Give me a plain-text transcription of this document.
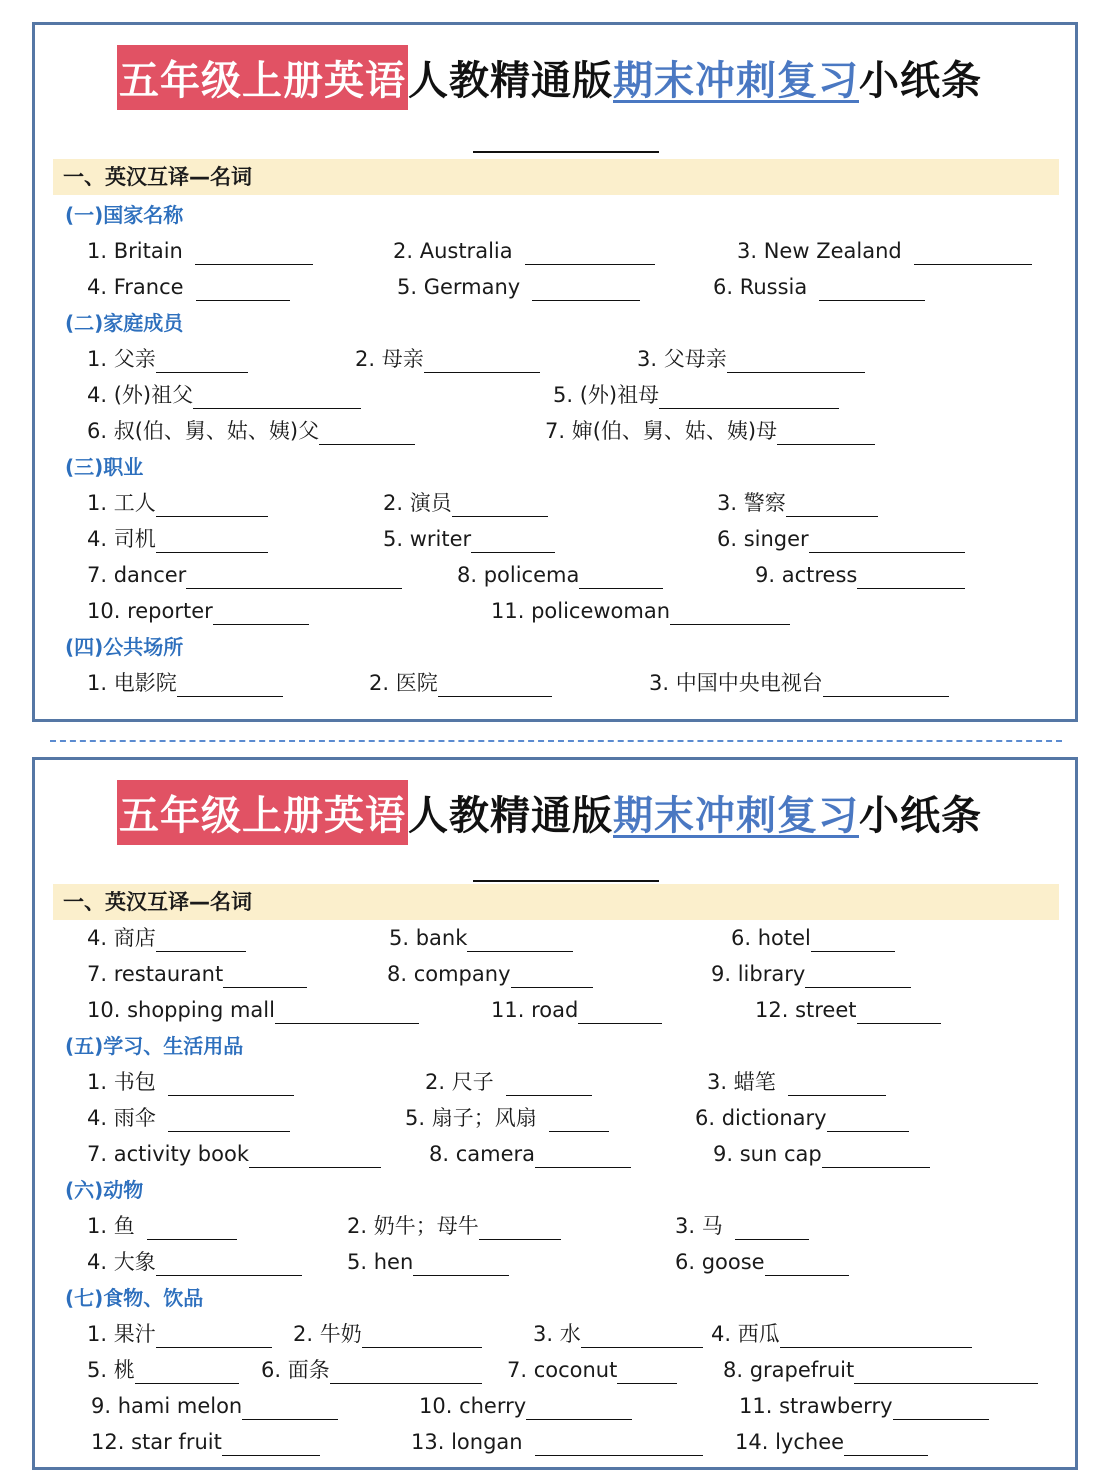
五年级上册英语 人教精通版 期末冲刺复习 小纸条
一、英汉互译—名词
(一)国家名称
1. Britain	2. Australia	3. New Zealand
4. France	5. Germany	6. Russia
(二)家庭成员
1. 父亲	2. 母亲	3. 父母亲
4. (外)祖父	5. (外)祖母
6. 叔(伯、舅、姑、姨)父	7. 婶(伯、舅、姑、姨)母
(三)职业
1. 工人	2. 演员	3. 警察
4. 司机	5. writer	6. singer
7. dancer	8. policema	9. actress
10. reporter	11. policewoman
(四)公共场所
1. 电影院	2. 医院	3. 中国中央电视台
五年级上册英语 人教精通版 期末冲刺复习 小纸条
一、英汉互译—名词
4. 商店	5. bank	6. hotel
7. restaurant	8. company	9. library
10. shopping mall	11. road	12. street
(五)学习、生活用品
1. 书包	2. 尺子	3. 蜡笔
4. 雨伞	5. 扇子；风扇	6. dictionary
7. activity book	8. camera	9. sun cap
(六)动物
1. 鱼	2. 奶牛；母牛	3. 马
4. 大象	5. hen	6. goose
(七)食物、饮品
1. 果汁	2. 牛奶	3. 水	4. 西瓜
5. 桃	6. 面条	7. coconut	8. grapefruit
9. hami melon	10. cherry	11. strawberry
12. star fruit	13. longan	14. lychee
